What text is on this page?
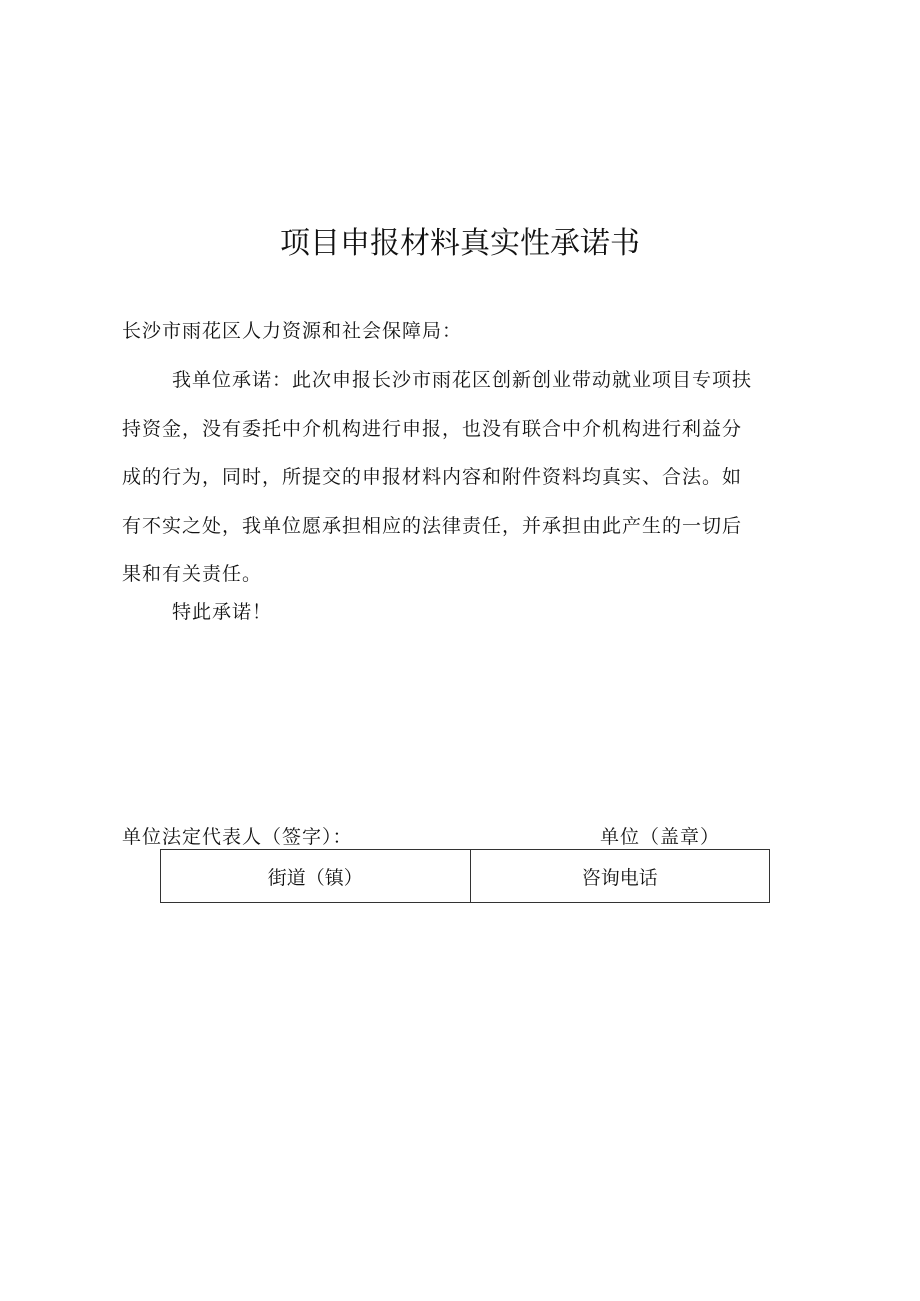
项目申报材料真实性承诺书
长沙市雨花区人力资源和社会保障局：
我单位承诺：此次申报长沙市雨花区创新创业带动就业项目专项扶
持资金，没有委托中介机构进行申报，也没有联合中介机构进行利益分
成的行为，同时，所提交的申报材料内容和附件资料均真实、合法。如
有不实之处，我单位愿承担相应的法律责任，并承担由此产生的一切后
果和有关责任。
特此承诺！
单位法定代表人（签字）：	单位（盖章）
街道（镇）	咨询电话
